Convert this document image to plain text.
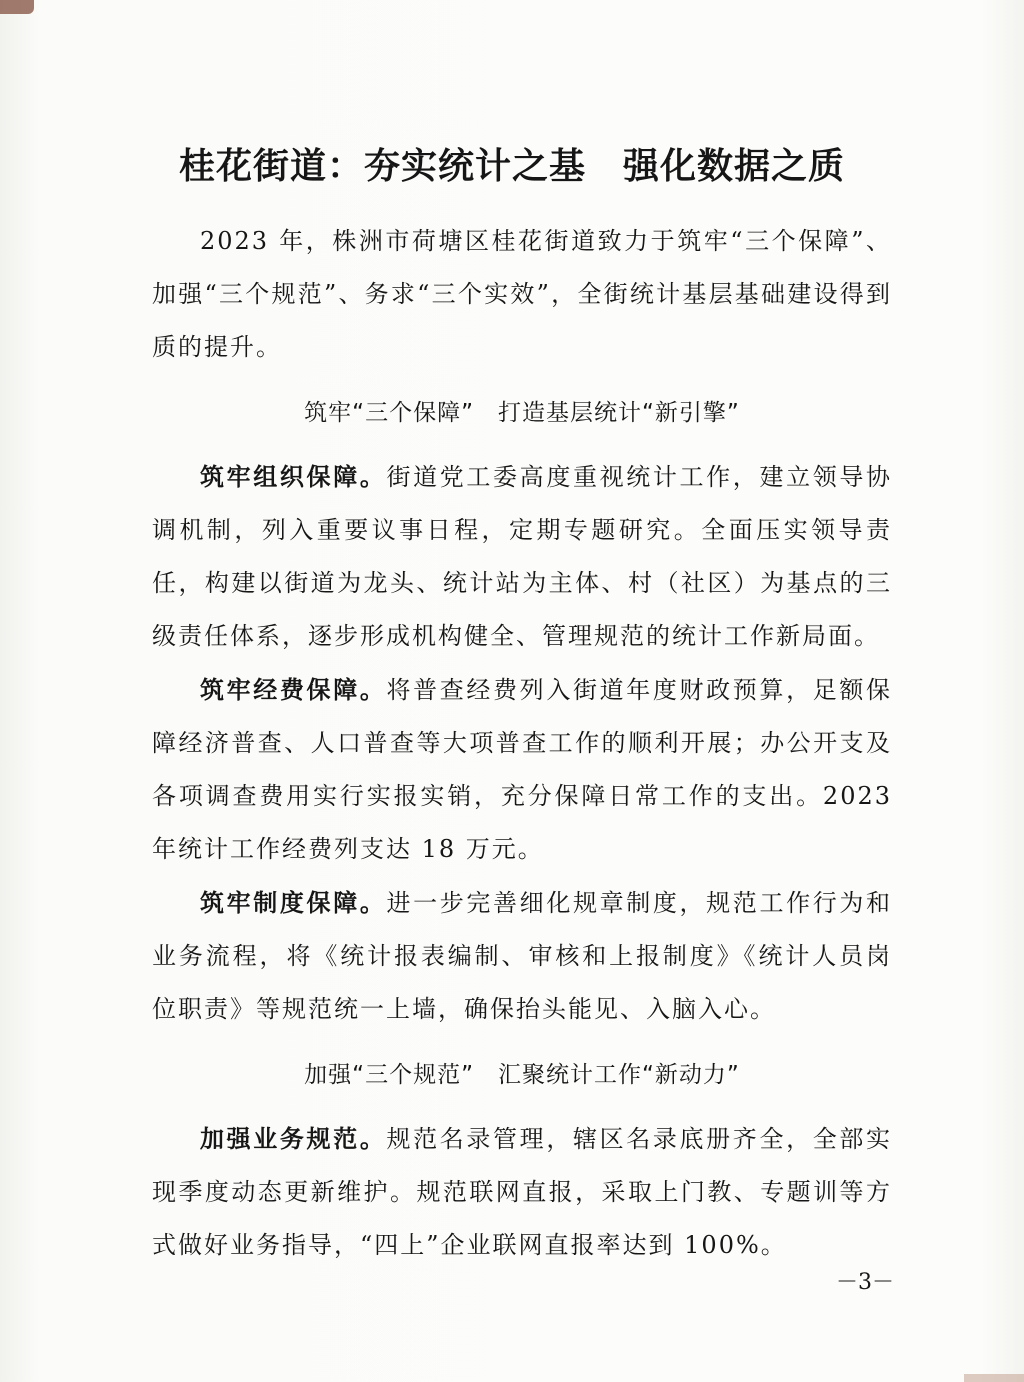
桂花街道：夯实统计之基　强化数据之质

2023 年，株洲市荷塘区桂花街道致力于筑牢“三个保障”、加强“三个规范”、务求“三个实效”，全街统计基层基础建设得到质的提升。

筑牢“三个保障”　打造基层统计“新引擎”

筑牢组织保障。街道党工委高度重视统计工作，建立领导协调机制，列入重要议事日程，定期专题研究。全面压实领导责任，构建以街道为龙头、统计站为主体、村（社区）为基点的三级责任体系，逐步形成机构健全、管理规范的统计工作新局面。

筑牢经费保障。将普查经费列入街道年度财政预算，足额保障经济普查、人口普查等大项普查工作的顺利开展；办公开支及各项调查费用实行实报实销，充分保障日常工作的支出。2023 年统计工作经费列支达 18 万元。

筑牢制度保障。进一步完善细化规章制度，规范工作行为和业务流程，将《统计报表编制、审核和上报制度》《统计人员岗位职责》等规范统一上墙，确保抬头能见、入脑入心。

加强“三个规范”　汇聚统计工作“新动力”

加强业务规范。规范名录管理，辖区名录底册齐全，全部实现季度动态更新维护。规范联网直报，采取上门教、专题训等方式做好业务指导，“四上”企业联网直报率达到 100%。

－3－
